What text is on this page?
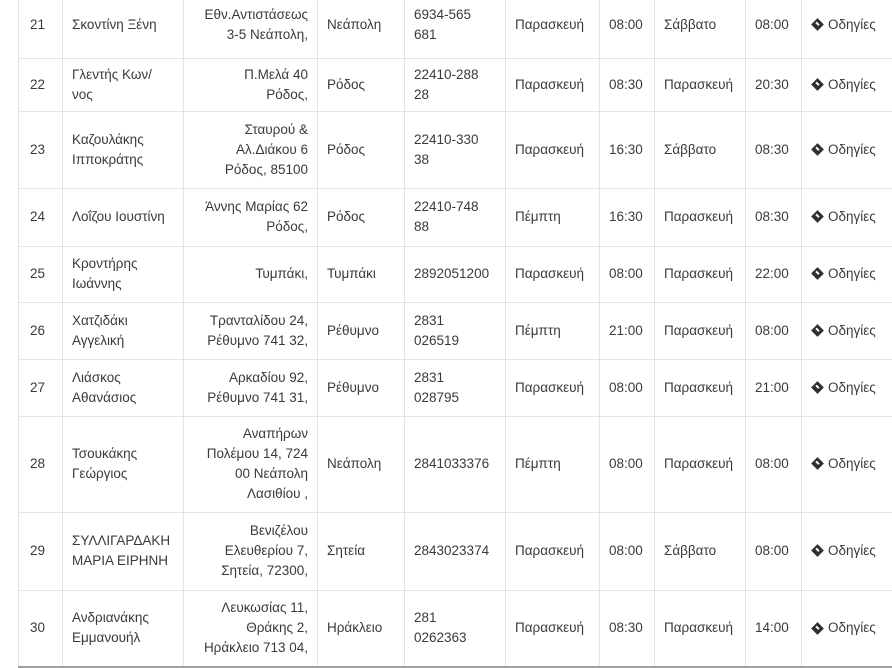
21	Σκοντίνη Ξένη	Εθν.Αντιστάσεως
3-5 Νεάπολη,	Νεάπολη	6934-565
681	Παρασκευή	08:00	Σάββατο	08:00	Οδηγίες
22	Γλεντής Κων/
νος	Π.Μελά 40
Ρόδος,	Ρόδος	22410-288
28	Παρασκευή	08:30	Παρασκευή	20:30	Οδηγίες
23	Καζουλάκης
Ιπποκράτης	Σταυρού &
Αλ.Διάκου 6
Ρόδος, 85100	Ρόδος	22410-330
38	Παρασκευή	16:30	Σάββατο	08:30	Οδηγίες
24	Λοΐζου Ιουστίνη	Άννης Μαρίας 62
Ρόδος,	Ρόδος	22410-748
88	Πέμπτη	16:30	Παρασκευή	08:30	Οδηγίες
25	Κροντήρης
Ιωάννης	Τυμπάκι,	Τυμπάκι	2892051200	Παρασκευή	08:00	Παρασκευή	22:00	Οδηγίες
26	Χατζιδάκι
Αγγελική	Τρανταλίδου 24,
Ρέθυμνο 741 32,	Ρέθυμνο	2831
026519	Πέμπτη	21:00	Παρασκευή	08:00	Οδηγίες
27	Λιάσκος
Αθανάσιος	Αρκαδίου 92,
Ρέθυμνο 741 31,	Ρέθυμνο	2831
028795	Παρασκευή	08:00	Παρασκευή	21:00	Οδηγίες
28	Τσουκάκης
Γεώργιος	Αναπήρων
Πολέμου 14, 724
00 Νεάπολη
Λασιθίου ,	Νεάπολη	2841033376	Πέμπτη	08:00	Παρασκευή	08:00	Οδηγίες
29	ΣΥΛΛΙΓΑΡΔΑΚΗ
ΜΑΡΙΑ ΕΙΡΗΝΗ	Βενιζέλου
Ελευθερίου 7,
Σητεία, 72300,	Σητεία	2843023374	Παρασκευή	08:00	Σάββατο	08:00	Οδηγίες
30	Ανδριανάκης
Εμμανουήλ	Λευκωσίας 11,
Θράκης 2,
Ηράκλειο 713 04,	Ηράκλειο	281
0262363	Παρασκευή	08:30	Παρασκευή	14:00	Οδηγίες
